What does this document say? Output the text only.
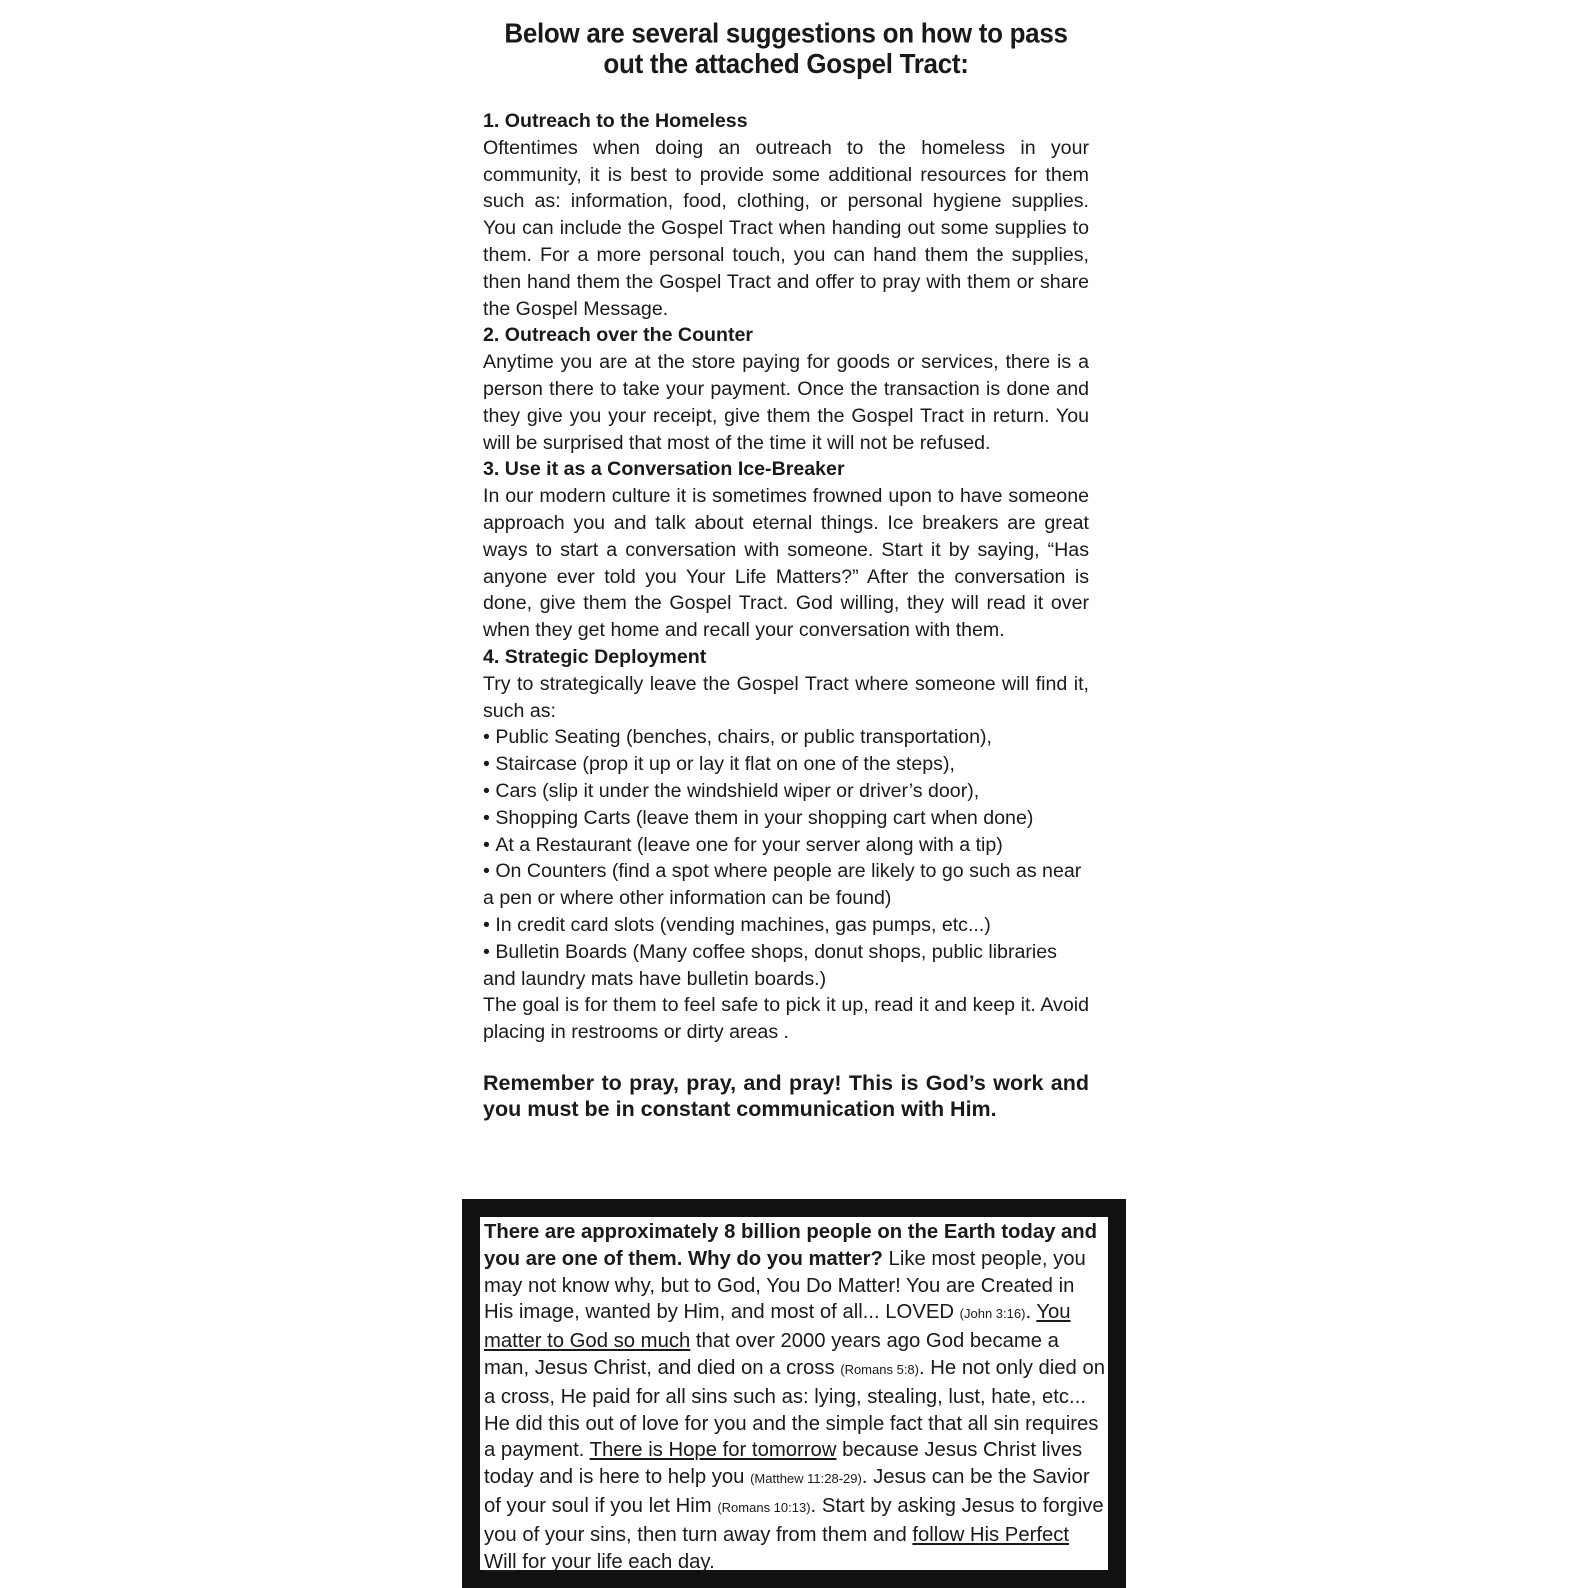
Below are several suggestions on how to pass out the attached Gospel Tract:

1. Outreach to the Homeless

Oftentimes when doing an outreach to the homeless in your community, it is best to provide some additional resources for them such as: information, food, clothing, or personal hygiene supplies. You can include the Gospel Tract when handing out some supplies to them. For a more personal touch, you can hand them the supplies, then hand them the Gospel Tract and offer to pray with them or share the Gospel Message.

2. Outreach over the Counter

Anytime you are at the store paying for goods or services, there is a person there to take your payment. Once the transaction is done and they give you your receipt, give them the Gospel Tract in return. You will be surprised that most of the time it will not be refused.

3. Use it as a Conversation Ice-Breaker

In our modern culture it is sometimes frowned upon to have someone approach you and talk about eternal things. Ice breakers are great ways to start a conversation with someone. Start it by saying, “Has anyone ever told you Your Life Matters?” After the conversation is done, give them the Gospel Tract. God willing, they will read it over when they get home and recall your conversation with them.

4. Strategic Deployment

Try to strategically leave the Gospel Tract where someone will find it, such as:

• Public Seating (benches, chairs, or public transportation),
• Staircase (prop it up or lay it flat on one of the steps),
• Cars (slip it under the windshield wiper or driver’s door),
• Shopping Carts (leave them in your shopping cart when done)
• At a Restaurant (leave one for your server along with a tip)
• On Counters (find a spot where people are likely to go such as near a pen or where other information can be found)
• In credit card slots (vending machines, gas pumps, etc...)
• Bulletin Boards (Many coffee shops, donut shops, public libraries and laundry mats have bulletin boards.)

The goal is for them to feel safe to pick it up, read it and keep it. Avoid placing in restrooms or dirty areas .

Remember to pray, pray, and pray! This is God’s work and you must be in constant communication with Him.

There are approximately 8 billion people on the Earth today and you are one of them. Why do you matter? Like most people, you may not know why, but to God, You Do Matter! You are Created in His image, wanted by Him, and most of all... LOVED (John 3:16). You matter to God so much that over 2000 years ago God became a man, Jesus Christ, and died on a cross (Romans 5:8). He not only died on a cross, He paid for all sins such as: lying, stealing, lust, hate, etc... He did this out of love for you and the simple fact that all sin requires a payment. There is Hope for tomorrow because Jesus Christ lives today and is here to help you (Matthew 11:28-29). Jesus can be the Savior of your soul if you let Him (Romans 10:13). Start by asking Jesus to forgive you of your sins, then turn away from them and follow His Perfect Will for your life each day.
